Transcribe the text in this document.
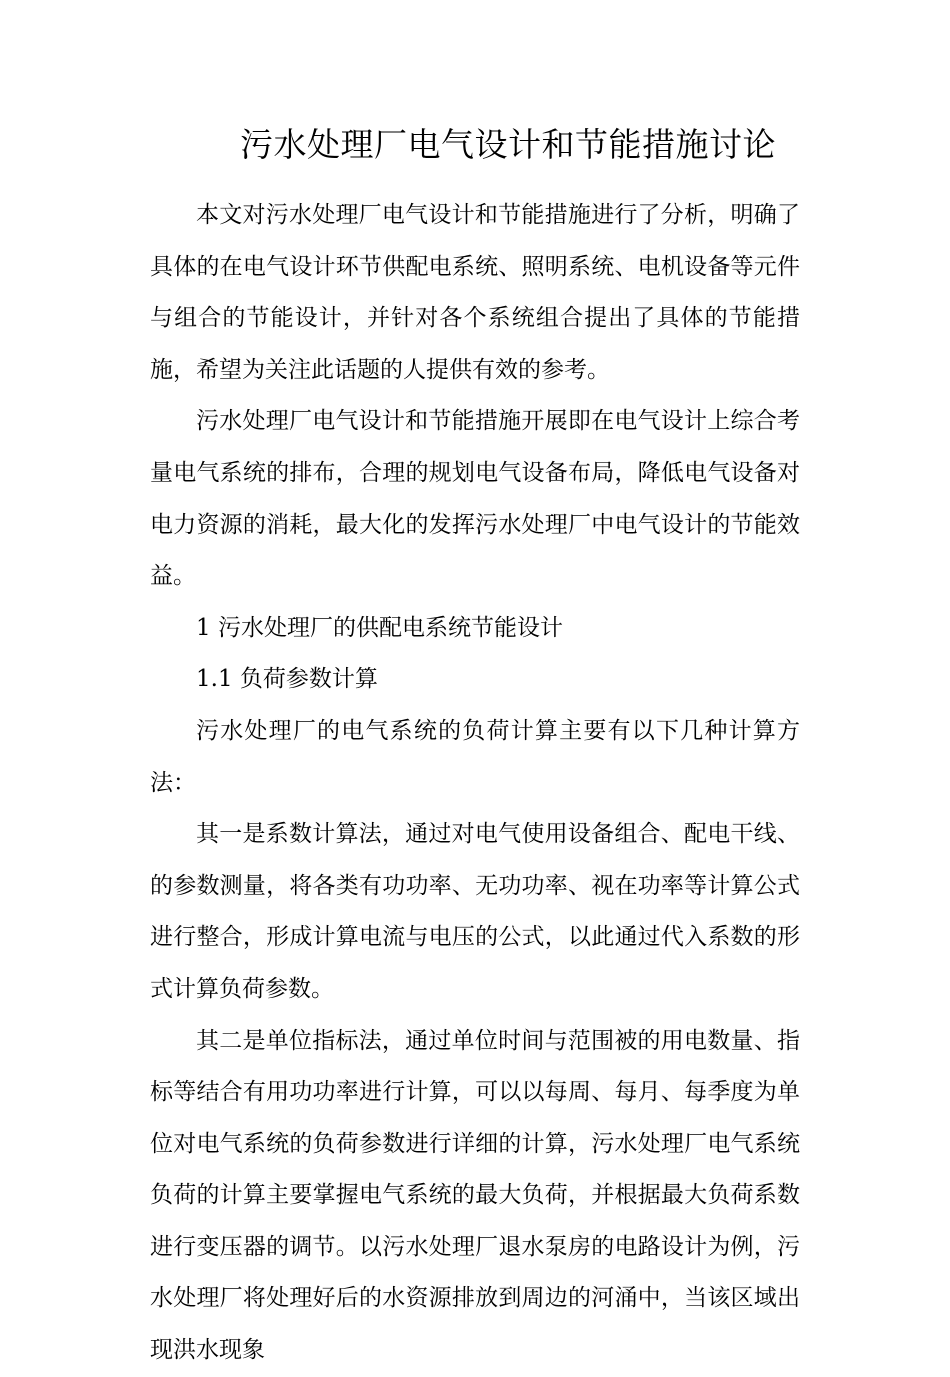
污水处理厂电气设计和节能措施讨论

本文对污水处理厂电气设计和节能措施进行了分析，明确了具体的在电气设计环节供配电系统、照明系统、电机设备等元件与组合的节能设计，并针对各个系统组合提出了具体的节能措施，希望为关注此话题的人提供有效的参考。

污水处理厂电气设计和节能措施开展即在电气设计上综合考量电气系统的排布，合理的规划电气设备布局，降低电气设备对电力资源的消耗，最大化的发挥污水处理厂中电气设计的节能效益。

1 污水处理厂的供配电系统节能设计

1.1 负荷参数计算

污水处理厂的电气系统的负荷计算主要有以下几种计算方法：

其一是系数计算法，通过对电气使用设备组合、配电干线、的参数测量，将各类有功功率、无功功率、视在功率等计算公式进行整合，形成计算电流与电压的公式，以此通过代入系数的形式计算负荷参数。

其二是单位指标法，通过单位时间与范围被的用电数量、指标等结合有用功功率进行计算，可以以每周、每月、每季度为单位对电气系统的负荷参数进行详细的计算，污水处理厂电气系统负荷的计算主要掌握电气系统的最大负荷，并根据最大负荷系数进行变压器的调节。以污水处理厂退水泵房的电路设计为例，污水处理厂将处理好后的水资源排放到周边的河涌中，当该区域出现洪水现象
